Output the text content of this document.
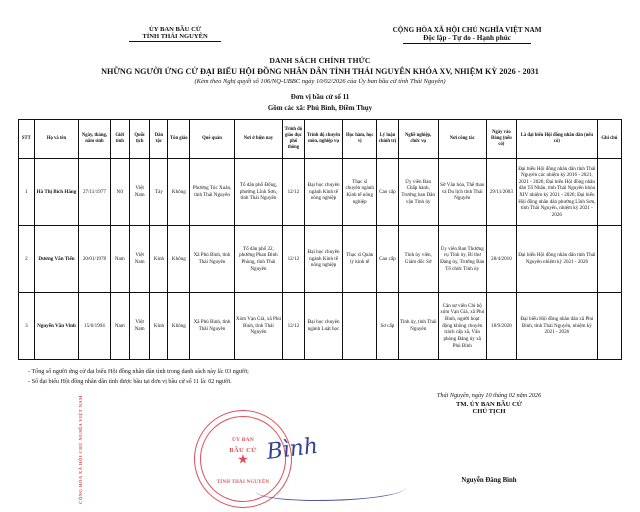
ỦY BAN BẦU CỬ
TỈNH THÁI NGUYÊN
CỘNG HÒA XÃ HỘI CHỦ NGHĨA VIỆT NAM
Độc lập - Tự do - Hạnh phúc
DANH SÁCH CHÍNH THỨC
NHỮNG NGƯỜI ỨNG CỬ ĐẠI BIỂU HỘI ĐỒNG NHÂN DÂN TỈNH THÁI NGUYÊN KHÓA XV, NHIỆM KỲ 2026 - 2031
(Kèm theo Nghị quyết số 106/NQ-UBBC ngày 10/02/2026 của Ủy ban bầu cử tỉnh Thái Nguyên)
Đơn vị bầu cử số 11
Gồm các xã: Phú Bình, Điềm Thụy
STT	Họ và tên	Ngày, tháng, năm sinh	Giới tính	Quốc tịch	Dân tộc	Tôn giáo	Quê quán	Nơi ở hiện nay	Trình độ giáo dục phổ thông	Trình độ chuyên môn, nghiệp vụ	Học hàm, học vị	Lý luận chính trị	Nghề nghiệp, chức vụ	Nơi công tác	Ngày vào Đảng (nếu có)	Là đại biểu Hội đồng nhân dân (nếu có)	Ghi chú
1	Hà Thị Bích Hằng	27/11/1977	Nữ	Việt Nam	Tày	Không	Phường Túc Xuân, tỉnh Thái Nguyên	Tổ dân phố Đống, phường Lĩnh Sơn, tỉnh Thái Nguyên	12/12	Đại học chuyên ngành Kinh tế nông nghiệp	Thạc sĩ chuyên ngành Kinh tế nông nghiệp	Cao cấp	Ủy viên Ban Chấp hành, Trưởng ban Dân vận Tỉnh ủy	Sở Văn hóa, Thể thao và Du lịch tỉnh Thái Nguyên	29/11/2003	Đại biểu Hội đồng nhân dân tỉnh Thái Nguyên các nhiệm kỳ 2016 - 2021, 2021 - 2026; Đại biểu Hội đồng nhân dân Tổ Nhân, tỉnh Thái Nguyên khóa XIV nhiệm kỳ 2021 - 2026; Đại biểu Hội đồng nhân dân phường Lĩnh Sơn, tỉnh Thái Nguyên, nhiệm kỳ 2021 - 2026	
2	Dương Văn Tiến	20/01/1978	Nam	Việt Nam	Kinh	Không	Xã Phú Bình, tỉnh Thái Nguyên	Tổ dân phố 22, phường Phan Đình Phùng, tỉnh Thái Nguyên	12/12	Đại học chuyên ngành Kinh tế nông nghiệp	Thạc sĩ Quản lý kinh tế	Cao cấp	Tỉnh ủy viên, Giám đốc Sở	Ủy viên Ban Thường vụ Tỉnh ủy, Bí thư Đảng ủy, Trưởng Ban Tổ chức Tỉnh ủy	28/4/2010	Đại biểu Hội đồng nhân dân tỉnh Thái Nguyên nhiệm kỳ 2021 - 2026	
3	Nguyễn Văn Vinh	15/6/1994	Nam	Việt Nam	Kinh	Không	Xã Phú Bình, tỉnh Thái Nguyên	Xóm Vạn Già, xã Phú Bình, tỉnh Thái Nguyên	12/12	Đại học chuyên ngành Luật học		Sơ cấp	Tỉnh ủy, tỉnh Thái Nguyên	Cán sự viên Chi bộ xóm Vạn Già, xã Phú Bình, người hoạt động không chuyên trách cấp xã, Văn phòng Đảng ủy xã Phú Bình	18/9/2020	Đại biểu Hội đồng nhân dân xã Phú Bình, tỉnh Thái Nguyên, nhiệm kỳ 2021 - 2026	
- Tổng số người ứng cử đại biểu Hội đồng nhân dân tỉnh trong danh sách này là: 03 người;
- Số đại biểu Hội đồng nhân dân tỉnh được bầu tại đơn vị bầu cử số 11 là: 02 người.
CỘNG HÒA XÃ HỘI CHỦ NGHĨA VIỆT NAM	★
ỦY BAN
BẦU CỬ
TỈNH THÁI NGUYÊN
Bình
Thái Nguyên, ngày 10 tháng 02 năm 2026
TM. ỦY BAN BẦU CỬ
CHỦ TỊCH
Nguyễn Đăng Bình
